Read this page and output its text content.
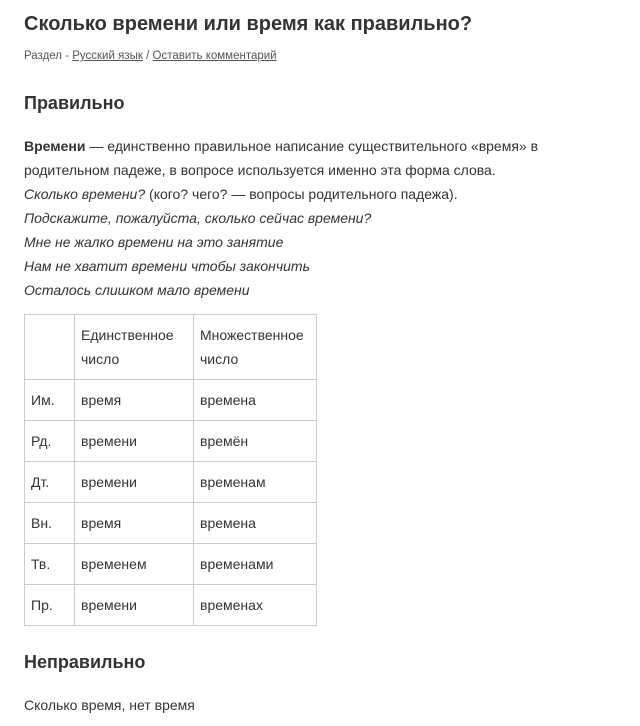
Сколько времени или время как правильно?
Раздел - Русский язык / Оставить комментарий
Правильно

Времени — единственно правильное написание существительного «время» в родительном падеже, в вопросе используется именно эта форма слова.

Сколько времени? (кого? чего? — вопросы родительного падежа).

Подскажите, пожалуйста, сколько сейчас времени?

Мне не жалко времени на это занятие

Нам не хватит времени чтобы закончить

Осталось слишком мало времени

	Единственное число	Множественное число
Им.	время	времена
Рд.	времени	времён
Дт.	времени	временам
Вн.	время	времена
Тв.	временем	временами
Пр.	времени	временах
Неправильно
Сколько время, нет время
